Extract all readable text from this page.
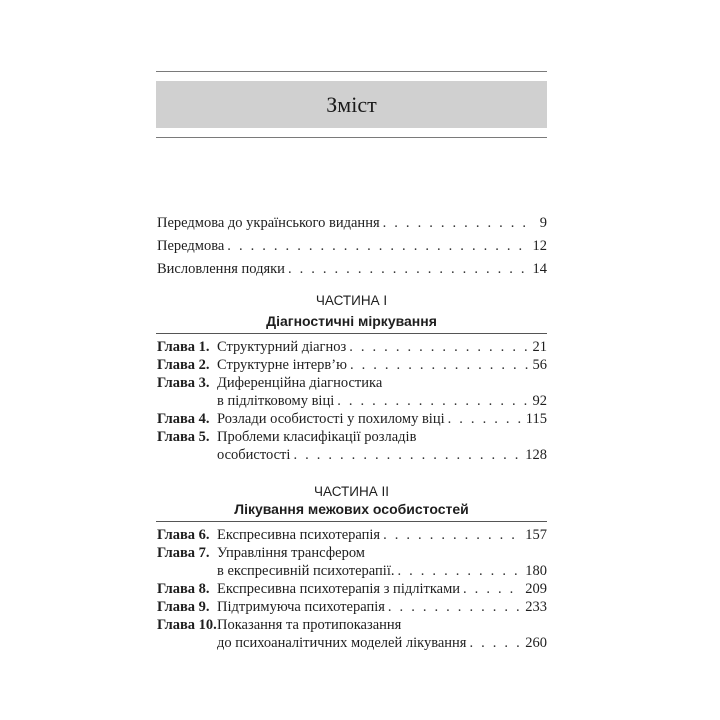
Зміст
Передмова до українського видання . . .	9
Передмова . . .	12
Висловлення подяки . . .	14
ЧАСТИНА I
Діагностичні міркування
Глава 1. Структурний діагноз . . .	21
Глава 2. Структурне інтерв’ю . . .	56
Глава 3. Диференційна діагностика
в підлітковому віці . . .	92
Глава 4. Розлади особистості у похилому віці . . .	115
Глава 5. Проблеми класифікації розладів
особистості . . .	128
ЧАСТИНА II
Лікування межових особистостей
Глава 6. Експресивна психотерапія . . .	157
Глава 7. Управління трансфером
в експресивній психотерапії. . . .	180
Глава 8. Експресивна психотерапія з підлітками . . .	209
Глава 9. Підтримуюча психотерапія . . .	233
Глава 10. Показання та протипоказання
до психоаналітичних моделей лікування . . .	260
